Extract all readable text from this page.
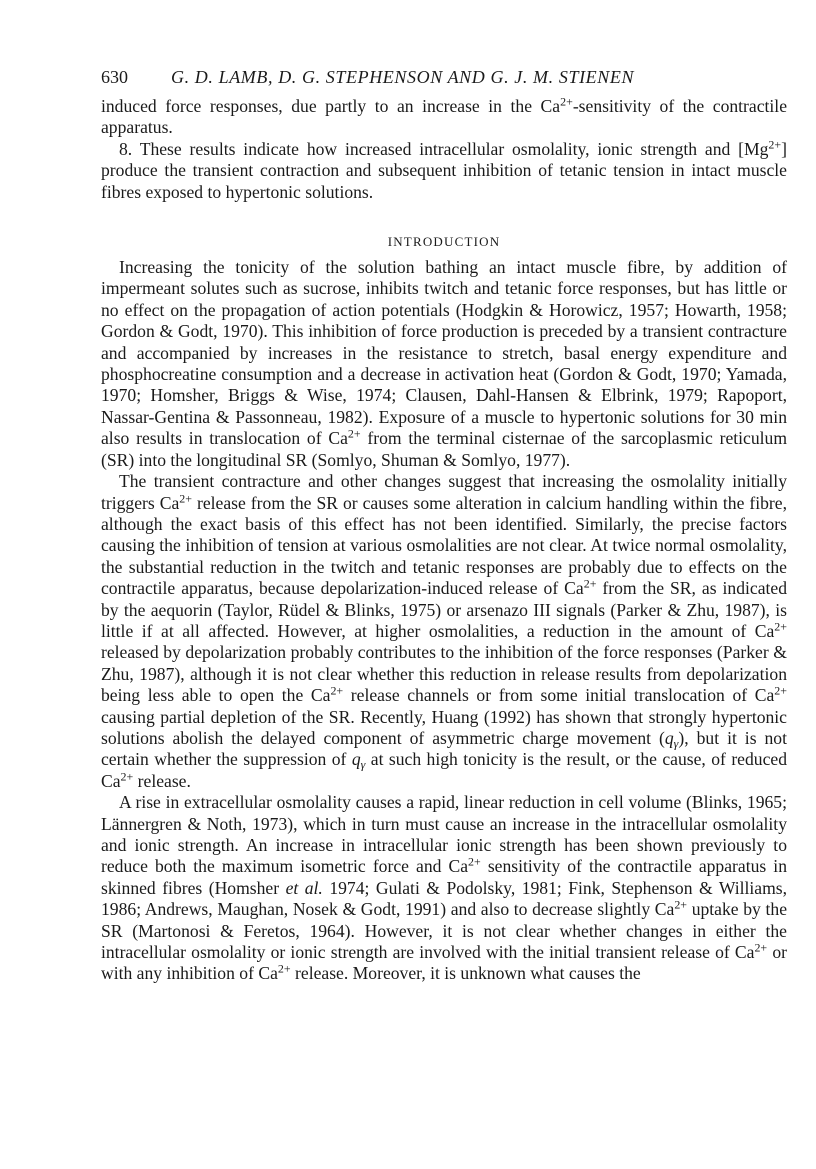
630	G. D. LAMB, D. G. STEPHENSON AND G. J. M. STIENEN

induced force responses, due partly to an increase in the $Ca^{2+}$-sensitivity of the contractile apparatus.

8. These results indicate how increased intracellular osmolality, ionic strength and $[Mg^{2+}]$ produce the transient contraction and subsequent inhibition of tetanic tension in intact muscle fibres exposed to hypertonic solutions.

INTRODUCTION

Increasing the tonicity of the solution bathing an intact muscle fibre, by addition of impermeant solutes such as sucrose, inhibits twitch and tetanic force responses, but has little or no effect on the propagation of action potentials (Hodgkin & Horowicz, 1957; Howarth, 1958; Gordon & Godt, 1970). This inhibition of force production is preceded by a transient contracture and accompanied by increases in the resistance to stretch, basal energy expenditure and phosphocreatine consumption and a decrease in activation heat (Gordon & Godt, 1970; Yamada, 1970; Homsher, Briggs & Wise, 1974; Clausen, Dahl-Hansen & Elbrink, 1979; Rapoport, Nassar-Gentina & Passonneau, 1982). Exposure of a muscle to hypertonic solutions for 30 min also results in translocation of $Ca^{2+}$ from the terminal cisternae of the sarcoplasmic reticulum (SR) into the longitudinal SR (Somlyo, Shuman & Somlyo, 1977).

The transient contracture and other changes suggest that increasing the osmolality initially triggers $Ca^{2+}$ release from the SR or causes some alteration in calcium handling within the fibre, although the exact basis of this effect has not been identified. Similarly, the precise factors causing the inhibition of tension at various osmolalities are not clear. At twice normal osmolality, the substantial reduction in the twitch and tetanic responses are probably due to effects on the contractile apparatus, because depolarization-induced release of $Ca^{2+}$ from the SR, as indicated by the aequorin (Taylor, Rüdel & Blinks, 1975) or arsenazo III signals (Parker & Zhu, 1987), is little if at all affected. However, at higher osmolalities, a reduction in the amount of $Ca^{2+}$ released by depolarization probably contributes to the inhibition of the force responses (Parker & Zhu, 1987), although it is not clear whether this reduction in release results from depolarization being less able to open the $Ca^{2+}$ release channels or from some initial translocation of $Ca^{2+}$ causing partial depletion of the SR. Recently, Huang (1992) has shown that strongly hypertonic solutions abolish the delayed component of asymmetric charge movement $(q_\gamma)$, but it is not certain whether the suppression of $q_\gamma$ at such high tonicity is the result, or the cause, of reduced $Ca^{2+}$ release.

A rise in extracellular osmolality causes a rapid, linear reduction in cell volume (Blinks, 1965; Lännergren & Noth, 1973), which in turn must cause an increase in the intracellular osmolality and ionic strength. An increase in intracellular ionic strength has been shown previously to reduce both the maximum isometric force and $Ca^{2+}$ sensitivity of the contractile apparatus in skinned fibres (Homsher et al. 1974; Gulati & Podolsky, 1981; Fink, Stephenson & Williams, 1986; Andrews, Maughan, Nosek & Godt, 1991) and also to decrease slightly $Ca^{2+}$ uptake by the SR (Martonosi & Feretos, 1964). However, it is not clear whether changes in either the intracellular osmolality or ionic strength are involved with the initial transient release of $Ca^{2+}$ or with any inhibition of $Ca^{2+}$ release. Moreover, it is unknown what causes the
